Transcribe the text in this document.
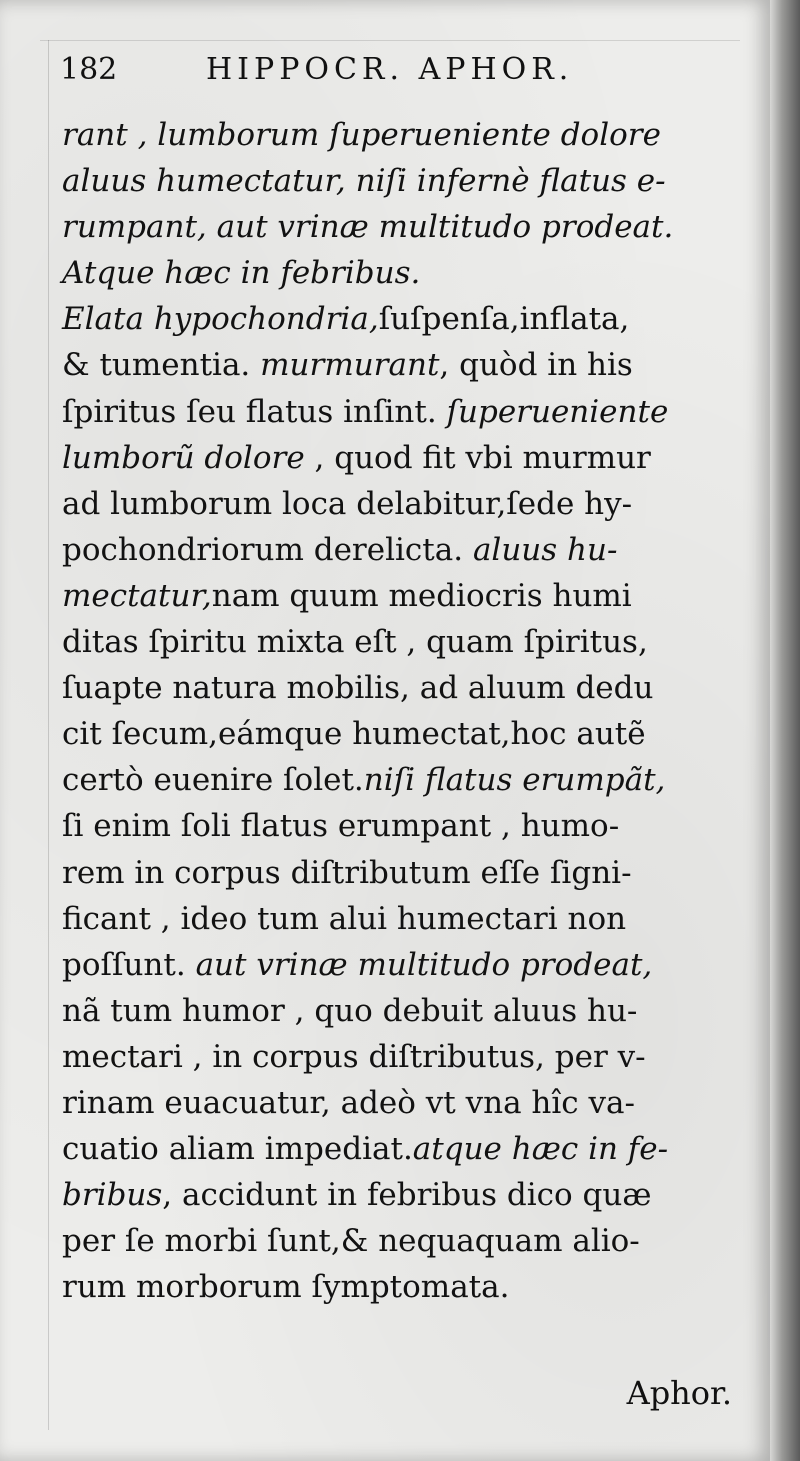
182	HIPPOCR. APHOR.
rant , lumborum ſuperueniente dolore
aluus humectatur, niſi infernè flatus e-
rumpant, aut vrinæ multitudo prodeat.
Atque hæc in febribus.
Elata hypochondria,ſuſpenſa,inflata,
& tumentia. murmurant, quòd in his
ſpiritus ſeu flatus inſint. ſuperueniente
lumborũ dolore , quod fit vbi murmur
ad lumborum loca delabitur,ſede hy-
pochondriorum derelicta. aluus hu-
mectatur,nam quum mediocris humi
ditas ſpiritu mixta eſt , quam ſpiritus,
ſuapte natura mobilis, ad aluum dedu
cit ſecum,eámque humectat,hoc autẽ
certò euenire ſolet.niſi flatus erumpãt,
ſi enim ſoli flatus erumpant , humo-
rem in corpus diſtributum eſſe ſigni-
ficant , ideo tum alui humectari non
poſſunt. aut vrinæ multitudo prodeat,
nã tum humor , quo debuit aluus hu-
mectari , in corpus diſtributus, per v-
rinam euacuatur, adeò vt vna hîc va-
cuatio aliam impediat.atque hæc in fe-
bribus, accidunt in febribus dico quæ
per ſe morbi ſunt,& nequaquam alio-
rum morborum ſymptomata.
Aphor.
